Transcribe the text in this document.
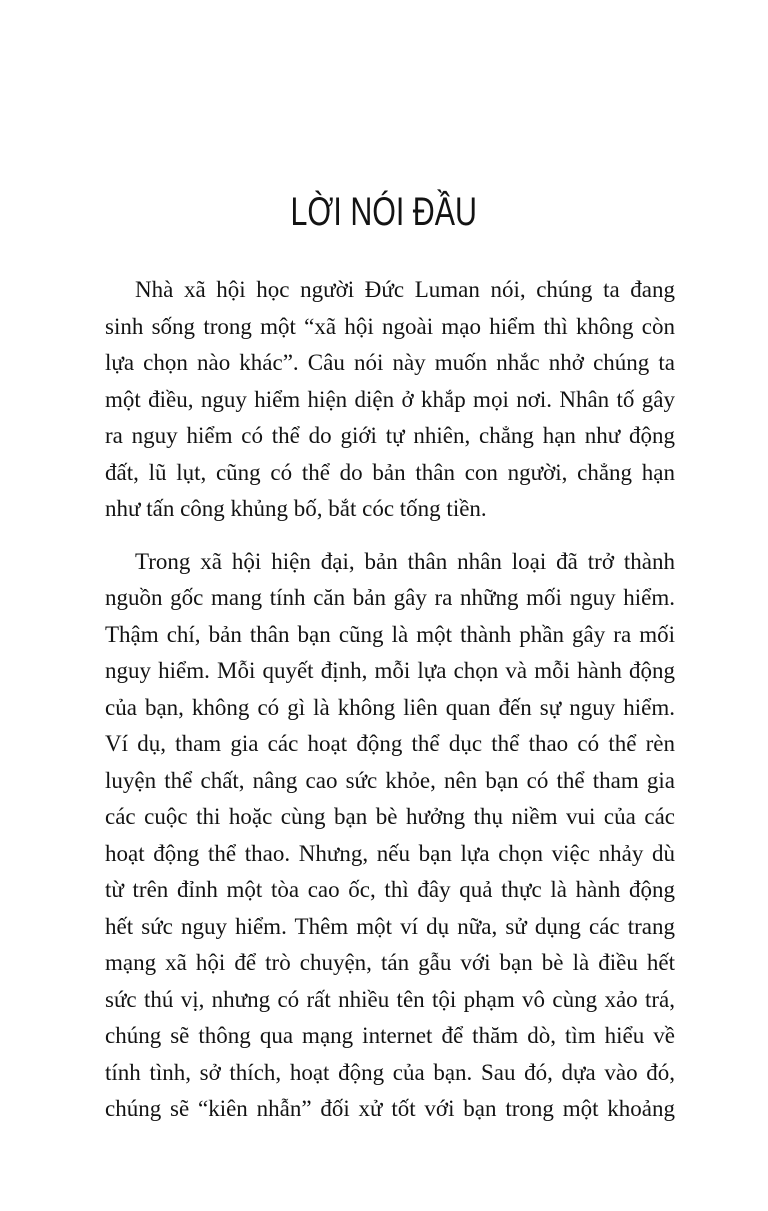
LỜI NÓI ĐẦU
Nhà xã hội học người Đức Luman nói, chúng ta đang
sinh sống trong một “xã hội ngoài mạo hiểm thì không còn
lựa chọn nào khác”. Câu nói này muốn nhắc nhở chúng ta
một điều, nguy hiểm hiện diện ở khắp mọi nơi. Nhân tố gây
ra nguy hiểm có thể do giới tự nhiên, chẳng hạn như động
đất, lũ lụt, cũng có thể do bản thân con người, chẳng hạn
như tấn công khủng bố, bắt cóc tống tiền.
Trong xã hội hiện đại, bản thân nhân loại đã trở thành
nguồn gốc mang tính căn bản gây ra những mối nguy hiểm.
Thậm chí, bản thân bạn cũng là một thành phần gây ra mối
nguy hiểm. Mỗi quyết định, mỗi lựa chọn và mỗi hành động
của bạn, không có gì là không liên quan đến sự nguy hiểm.
Ví dụ, tham gia các hoạt động thể dục thể thao có thể rèn
luyện thể chất, nâng cao sức khỏe, nên bạn có thể tham gia
các cuộc thi hoặc cùng bạn bè hưởng thụ niềm vui của các
hoạt động thể thao. Nhưng, nếu bạn lựa chọn việc nhảy dù
từ trên đỉnh một tòa cao ốc, thì đây quả thực là hành động
hết sức nguy hiểm. Thêm một ví dụ nữa, sử dụng các trang
mạng xã hội để trò chuyện, tán gẫu với bạn bè là điều hết
sức thú vị, nhưng có rất nhiều tên tội phạm vô cùng xảo trá,
chúng sẽ thông qua mạng internet để thăm dò, tìm hiểu về
tính tình, sở thích, hoạt động của bạn. Sau đó, dựa vào đó,
chúng sẽ “kiên nhẫn” đối xử tốt với bạn trong một khoảng
